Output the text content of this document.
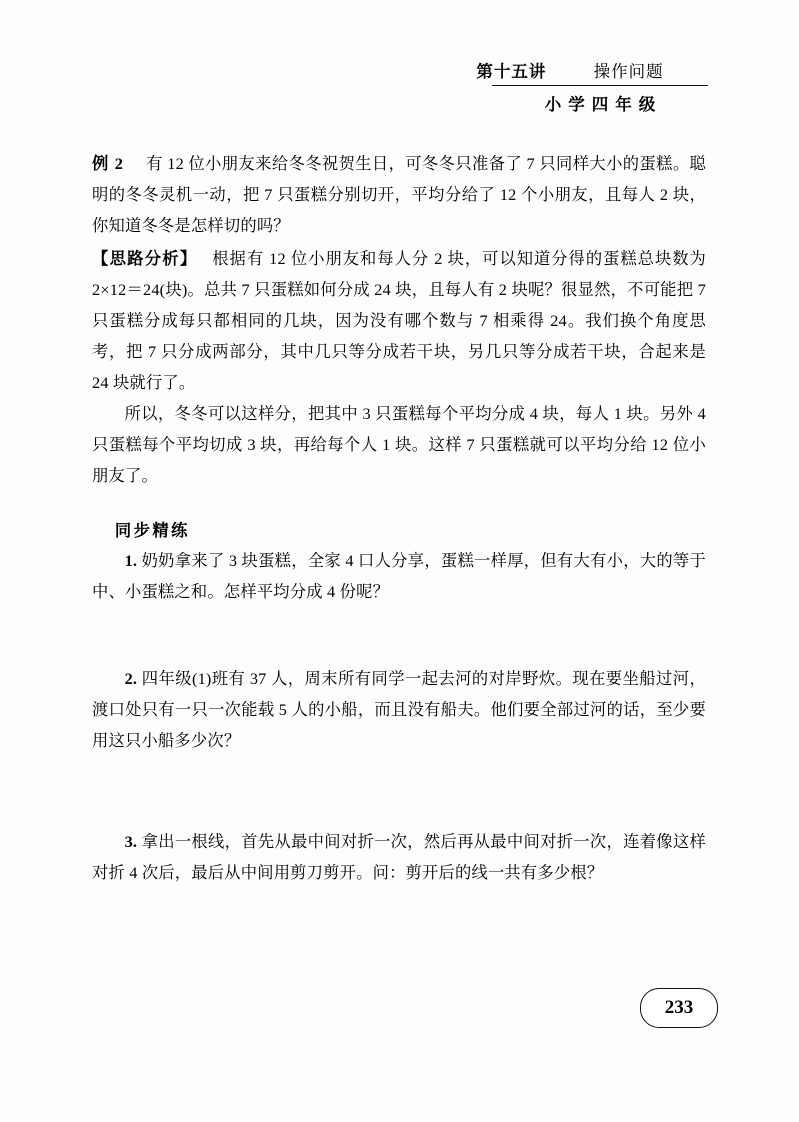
第十五讲	操作问题
小学四年级

例 2 有 12 位小朋友来给冬冬祝贺生日，可冬冬只准备了 7 只同样大小的蛋糕。聪明的冬冬灵机一动，把 7 只蛋糕分别切开，平均分给了 12 个小朋友，且每人 2 块，你知道冬冬是怎样切的吗？

【思路分析】 根据有 12 位小朋友和每人分 2 块，可以知道分得的蛋糕总块数为 2×12＝24(块)。总共 7 只蛋糕如何分成 24 块，且每人有 2 块呢？很显然，不可能把 7 只蛋糕分成每只都相同的几块，因为没有哪个数与 7 相乘得 24。我们换个角度思考，把 7 只分成两部分，其中几只等分成若干块，另几只等分成若干块，合起来是 24 块就行了。

所以，冬冬可以这样分，把其中 3 只蛋糕每个平均分成 4 块，每人 1 块。另外 4 只蛋糕每个平均切成 3 块，再给每个人 1 块。这样 7 只蛋糕就可以平均分给 12 位小朋友了。

同步精练

1. 奶奶拿来了 3 块蛋糕，全家 4 口人分享，蛋糕一样厚，但有大有小，大的等于中、小蛋糕之和。怎样平均分成 4 份呢？

2. 四年级(1)班有 37 人，周末所有同学一起去河的对岸野炊。现在要坐船过河，渡口处只有一只一次能载 5 人的小船，而且没有船夫。他们要全部过河的话，至少要用这只小船多少次？

3. 拿出一根线，首先从最中间对折一次，然后再从最中间对折一次，连着像这样对折 4 次后，最后从中间用剪刀剪开。问：剪开后的线一共有多少根？

233
